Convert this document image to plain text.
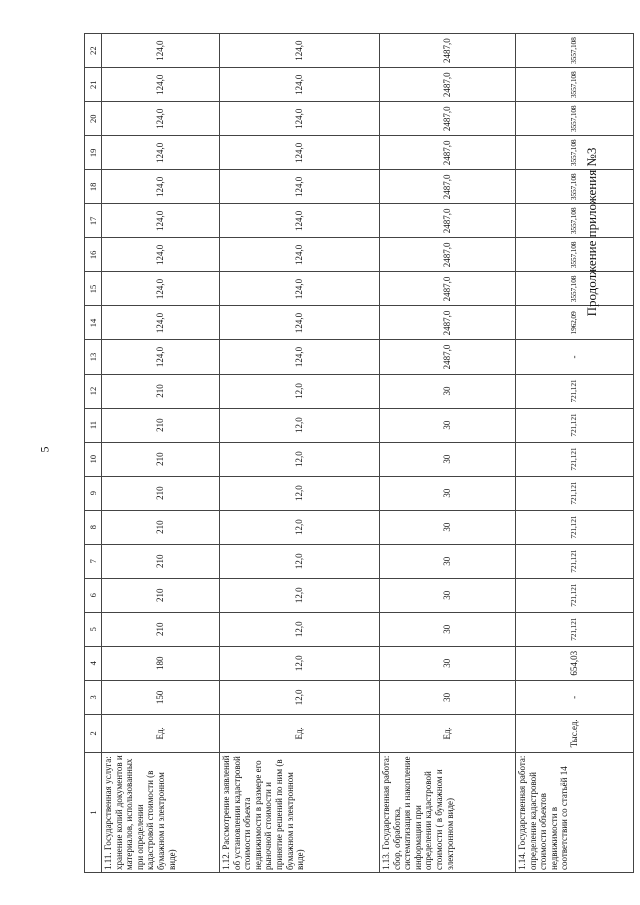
1	2	3	4	5	6	7	8	9	10	11	12	13	14	15	16	17	18	19	20	21	22
1.11. Государственная услуга: хранение копий документов и материалов, использованных при определении кадастровой стоимости (в бумажном и электронном виде)	Ед.	150	180	210	210	210	210	210	210	210	210	124,0	124,0	124,0	124,0	124,0	124,0	124,0	124,0	124,0	124,0
1.12. Рассмотрение заявлений об установлении кадастровой стоимости объекта недвижимости в размере его рыночной стоимости и принятие решений по ним (в бумажном и электронном виде)	Ед.	12,0	12,0	12,0	12,0	12,0	12,0	12,0	12,0	12,0	12,0	124,0	124,0	124,0	124,0	124,0	124,0	124,0	124,0	124,0	124,0
1.13. Государственная работа: сбор, обработка, систематизация и накопление информации при определении кадастровой стоимости ( в бумажном и электронном виде)	Ед.	30	30	30	30	30	30	30	30	30	30	2487,0	2487,0	2487,0	2487,0	2487,0	2487,0	2487,0	2487,0	2487,0	2487,0
1.14. Государственная работа: определение кадастровой стоимости объектов недвижимости в соответствии со статьёй 14	Тыс.ед.	-	654,03	721,121	721,121	721,121	721,121	721,121	721,121	721,121	721,121	-	1962,09	3557,108	3557,108	3557,108	3557,108	3557,108	3557,108	3557,108	3557,108
5
Продолжение приложения №3
